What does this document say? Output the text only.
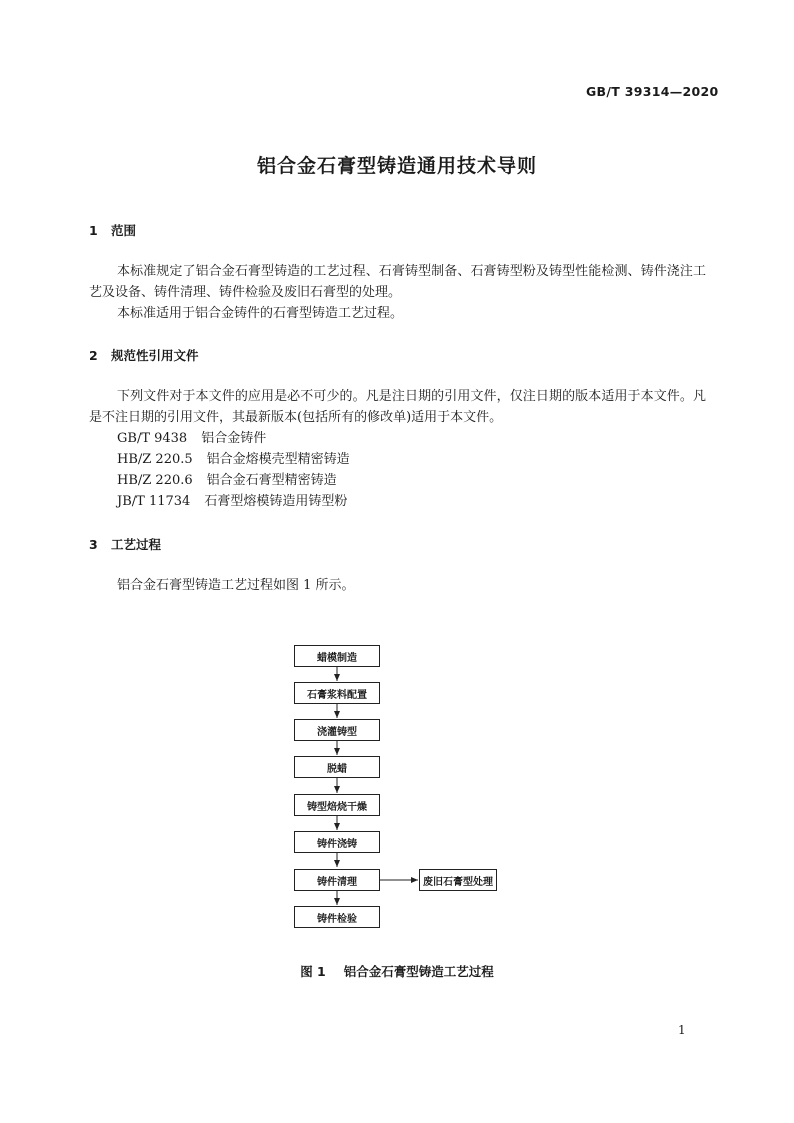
GB/T 39314—2020
铝合金石膏型铸造通用技术导则
1 范围

本标准规定了铝合金石膏型铸造的工艺过程、石膏铸型制备、石膏铸型粉及铸型性能检测、铸件浇注工艺及设备、铸件清理、铸件检验及废旧石膏型的处理。

本标准适用于铝合金铸件的石膏型铸造工艺过程。

2 规范性引用文件

下列文件对于本文件的应用是必不可少的。凡是注日期的引用文件，仅注日期的版本适用于本文件。凡是不注日期的引用文件，其最新版本(包括所有的修改单)适用于本文件。

GB/T 9438 铝合金铸件
HB/Z 220.5 铝合金熔模壳型精密铸造
HB/Z 220.6 铝合金石膏型精密铸造
JB/T 11734 石膏型熔模铸造用铸型粉
3 工艺过程

铝合金石膏型铸造工艺过程如图 1 所示。

蜡模制造
石膏浆料配置
浇灌铸型
脱蜡
铸型焙烧干燥
铸件浇铸
铸件清理
铸件检验
废旧石膏型处理
图 1 铝合金石膏型铸造工艺过程
1
